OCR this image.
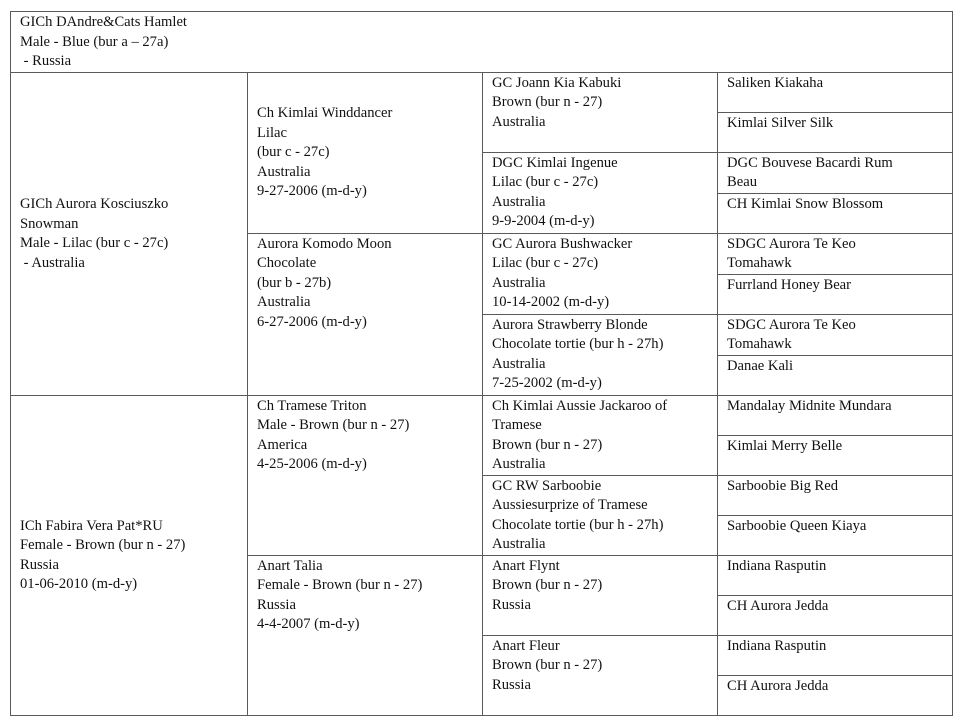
GICh DAndre&Cats Hamlet
Male - Blue (bur a – 27a)
- Russia			

GICh Aurora Kosciuszko
Snowman
Male - Lilac (bur c - 27c)
- Australia	Ch Kimlai Winddancer
Lilac
(bur c - 27c)
Australia
9-27-2006 (m-d-y)	GC Joann Kia Kabuki
Brown (bur n - 27)
Australia	Saliken Kiakaha

			Kimlai Silver Silk

		DGC Kimlai Ingenue
Lilac (bur c - 27c)
Australia
9-9-2004 (m-d-y)	DGC Bouvese Bacardi Rum
Beau

			CH Kimlai Snow Blossom

	Aurora Komodo Moon
Chocolate
(bur b - 27b)
Australia
6-27-2006 (m-d-y)	GC Aurora Bushwacker
Lilac (bur c - 27c)
Australia
10-14-2002 (m-d-y)	SDGC Aurora Te Keo
Tomahawk

			Furrland Honey Bear

		Aurora Strawberry Blonde
Chocolate tortie (bur h - 27h)
Australia
7-25-2002 (m-d-y)	SDGC Aurora Te Keo
Tomahawk

			Danae Kali

ICh Fabira Vera Pat*RU
Female - Brown (bur n - 27)
Russia
01-06-2010 (m-d-y)	Ch Tramese Triton
Male - Brown (bur n - 27)
America
4-25-2006 (m-d-y)	Ch Kimlai Aussie Jackaroo of
Tramese
Brown (bur n - 27)
Australia	Mandalay Midnite Mundara

			Kimlai Merry Belle

		GC RW Sarboobie
Aussiesurprize of Tramese
Chocolate tortie (bur h - 27h)
Australia	Sarboobie Big Red

			Sarboobie Queen Kiaya

	Anart Talia
Female - Brown (bur n - 27)
Russia
4-4-2007 (m-d-y)	Anart Flynt
Brown (bur n - 27)
Russia	Indiana Rasputin

			CH Aurora Jedda

		Anart Fleur
Brown (bur n - 27)
Russia	Indiana Rasputin

			CH Aurora Jedda
